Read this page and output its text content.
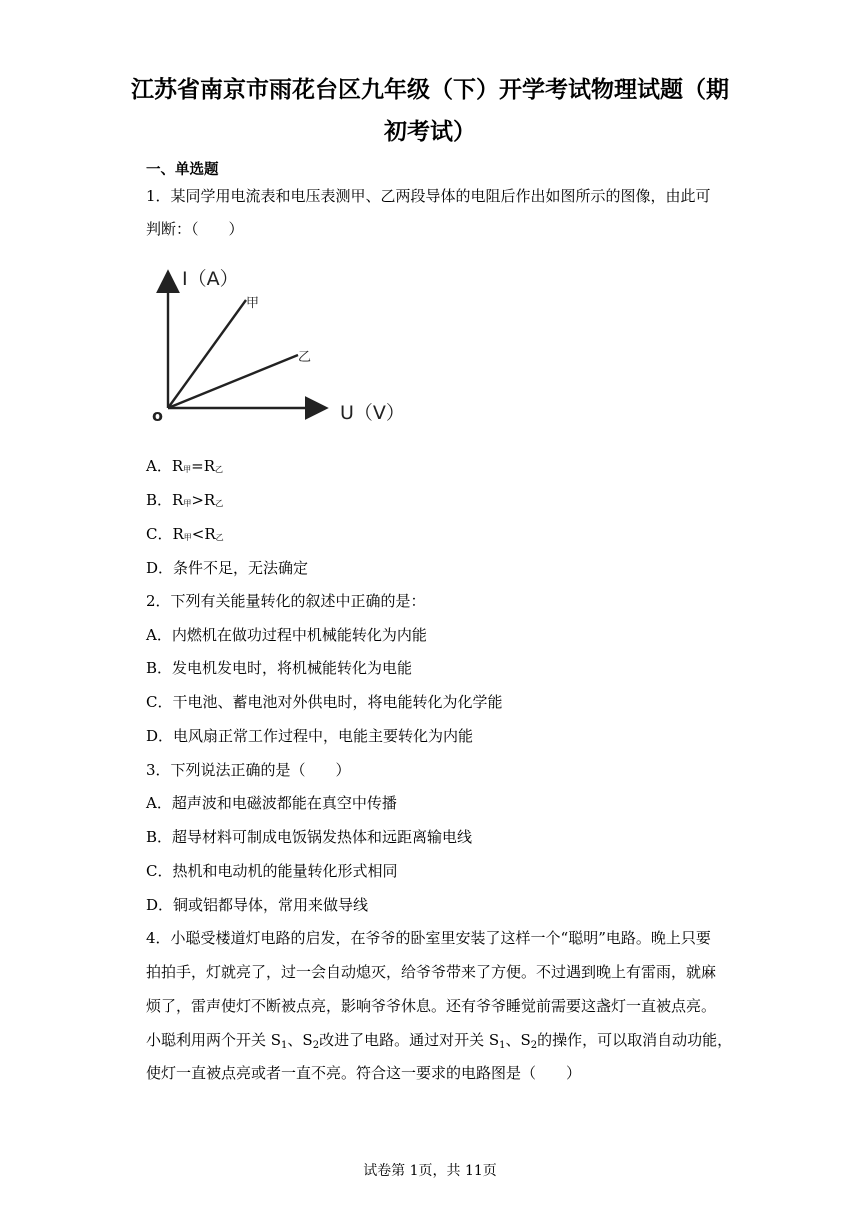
江苏省南京市雨花台区九年级（下）开学考试物理试题（期
初考试）
一、单选题
1．某同学用电流表和电压表测甲、乙两段导体的电阻后作出如图所示的图像，由此可
判断：（　　）
I（A）
U（V）
o
甲
乙
A．R甲=R乙
B．R甲>R乙
C．R甲<R乙
D．条件不足，无法确定
2．下列有关能量转化的叙述中正确的是：
A．内燃机在做功过程中机械能转化为内能
B．发电机发电时，将机械能转化为电能
C．干电池、蓄电池对外供电时，将电能转化为化学能
D．电风扇正常工作过程中，电能主要转化为内能
3．下列说法正确的是（　　）
A．超声波和电磁波都能在真空中传播
B．超导材料可制成电饭锅发热体和远距离输电线
C．热机和电动机的能量转化形式相同
D．铜或铝都导体，常用来做导线
4．小聪受楼道灯电路的启发，在爷爷的卧室里安装了这样一个“聪明”电路。晚上只要
拍拍手，灯就亮了，过一会自动熄灭，给爷爷带来了方便。不过遇到晚上有雷雨，就麻
烦了，雷声使灯不断被点亮，影响爷爷休息。还有爷爷睡觉前需要这盏灯一直被点亮。
小聪利用两个开关 $S_1$、$S_2$改进了电路。通过对开关 $S_1$、$S_2$的操作，可以取消自动功能，
使灯一直被点亮或者一直不亮。符合这一要求的电路图是（　　）
试卷第 1页，共 11页
